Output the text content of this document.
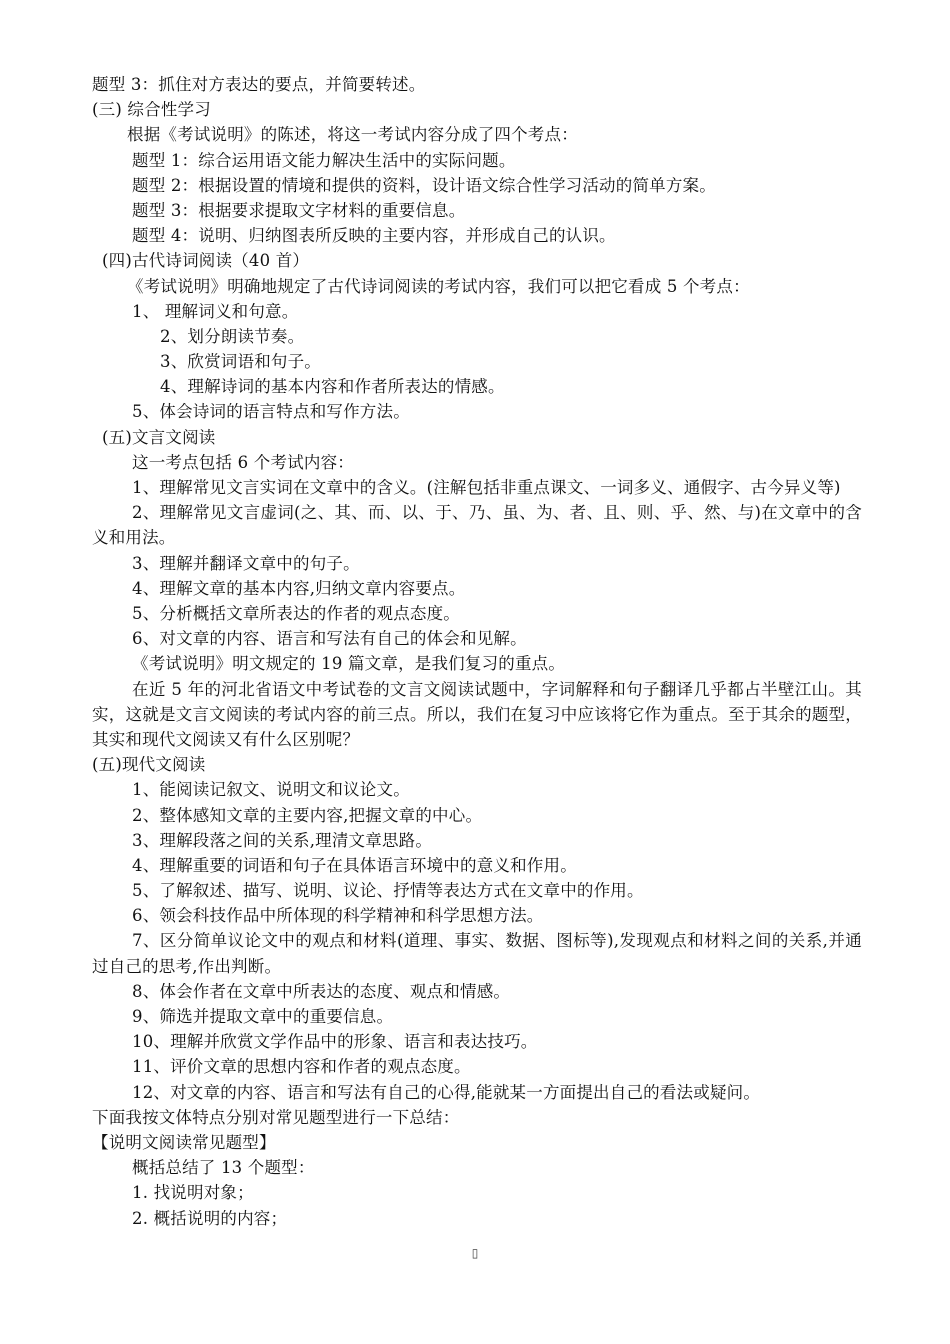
题型 3：抓住对方表达的要点，并简要转述。
(三) 综合性学习
根据《考试说明》的陈述，将这一考试内容分成了四个考点：
题型 1：综合运用语文能力解决生活中的实际问题。
题型 2：根据设置的情境和提供的资料，设计语文综合性学习活动的简单方案。
题型 3：根据要求提取文字材料的重要信息。
题型 4：说明、归纳图表所反映的主要内容，并形成自己的认识。
(四)古代诗词阅读（40 首）
《考试说明》明确地规定了古代诗词阅读的考试内容，我们可以把它看成 5 个考点：
1、 理解词义和句意。
2、划分朗读节奏。
3、欣赏词语和句子。
4、理解诗词的基本内容和作者所表达的情感。
5、体会诗词的语言特点和写作方法。
(五)文言文阅读
这一考点包括 6 个考试内容：
1、理解常见文言实词在文章中的含义。(注解包括非重点课文、一词多义、通假字、古今异义等)
2、理解常见文言虚词(之、其、而、以、于、乃、虽、为、者、且、则、乎、然、与)在文章中的含义和用法。
3、理解并翻译文章中的句子。
4、理解文章的基本内容,归纳文章内容要点。
5、分析概括文章所表达的作者的观点态度。
6、对文章的内容、语言和写法有自己的体会和见解。
《考试说明》明文规定的 19 篇文章，是我们复习的重点。
在近 5 年的河北省语文中考试卷的文言文阅读试题中，字词解释和句子翻译几乎都占半壁江山。其实，这就是文言文阅读的考试内容的前三点。所以，我们在复习中应该将它作为重点。至于其余的题型，其实和现代文阅读又有什么区别呢？
(五)现代文阅读
1、能阅读记叙文、说明文和议论文。
2、整体感知文章的主要内容,把握文章的中心。
3、理解段落之间的关系,理清文章思路。
4、理解重要的词语和句子在具体语言环境中的意义和作用。
5、了解叙述、描写、说明、议论、抒情等表达方式在文章中的作用。
6、领会科技作品中所体现的科学精神和科学思想方法。
7、区分简单议论文中的观点和材料(道理、事实、数据、图标等),发现观点和材料之间的关系,并通过自己的思考,作出判断。
8、体会作者在文章中所表达的态度、观点和情感。
9、筛选并提取文章中的重要信息。
10、理解并欣赏文学作品中的形象、语言和表达技巧。
11、评价文章的思想内容和作者的观点态度。
12、对文章的内容、语言和写法有自己的心得,能就某一方面提出自己的看法或疑问。
下面我按文体特点分别对常见题型进行一下总结：
【说明文阅读常见题型】
概括总结了 13 个题型：
1. 找说明对象；
2. 概括说明的内容；
▯
